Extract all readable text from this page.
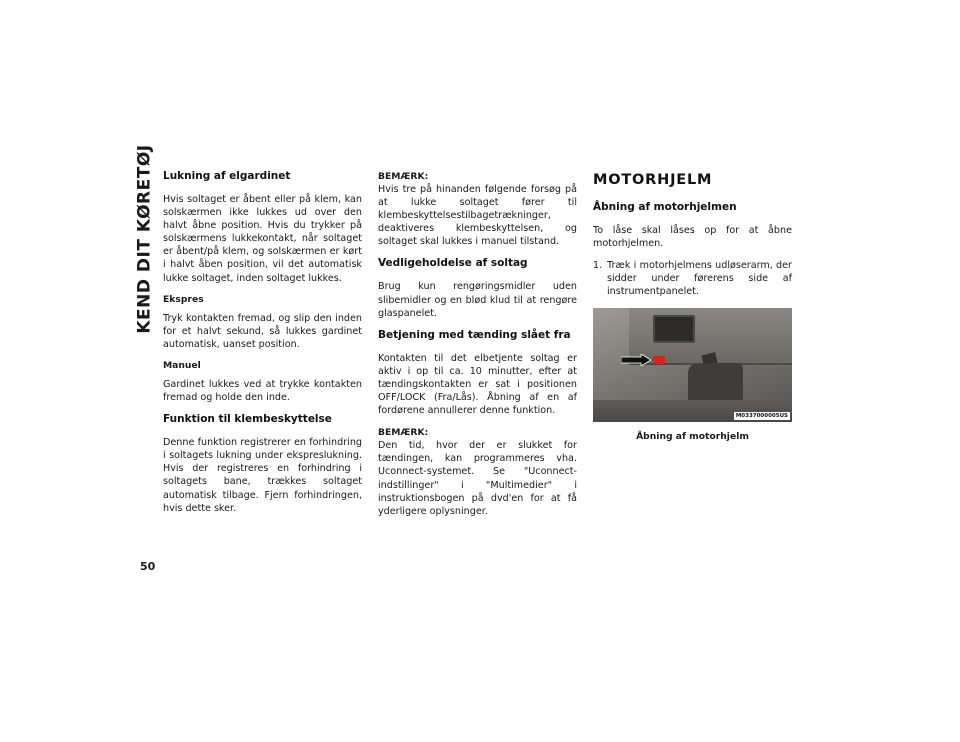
KEND DIT KØRETØJ Lukning af elgardinet

Hvis soltaget er åbent eller på klem, kan solskærmen ikke lukkes ud over den halvt åbne position. Hvis du trykker på solskærmens lukkekontakt, når soltaget er åbent/på klem, og solskærmen er kørt i halvt åben position, vil det automatisk lukke soltaget, inden soltaget lukkes.

Ekspres

Tryk kontakten fremad, og slip den inden for et halvt sekund, så lukkes gardinet automatisk, uanset position.

Manuel

Gardinet lukkes ved at trykke kontakten fremad og holde den inde.

Funktion til klembeskyttelse

Denne funktion registrerer en forhindring i soltagets lukning under ekspreslukning. Hvis der registreres en forhindring i soltagets bane, trækkes soltaget automatisk tilbage. Fjern forhindringen, hvis dette sker.

BEMÆRK:

Hvis tre på hinanden følgende forsøg på at lukke soltaget fører til klembeskyttelsestilbagetrækninger, deaktiveres klembeskyttelsen, og soltaget skal lukkes i manuel tilstand.

Vedligeholdelse af soltag

Brug kun rengøringsmidler uden slibemidler og en blød klud til at rengøre glaspanelet.

Betjening med tænding slået fra

Kontakten til det elbetjente soltag er aktiv i op til ca. 10 minutter, efter at tændingskontakten er sat i positionen OFF/LOCK (Fra/Lås). Åbning af en af fordørene annullerer denne funktion.

BEMÆRK:

Den tid, hvor der er slukket for tændingen, kan programmeres vha. Uconnect-systemet. Se "Uconnect-indstillinger" i "Multimedier" i instruktionsbogen på dvd'en for at få yderligere oplysninger.

MOTORHJELM
Åbning af motorhjelmen

To låse skal låses op for at åbne motorhjelmen.

1. Træk i motorhjelmens udløserarm, der sidder under førerens side af instrumentpanelet.
M0337000005US
Åbning af motorhjelm
50
